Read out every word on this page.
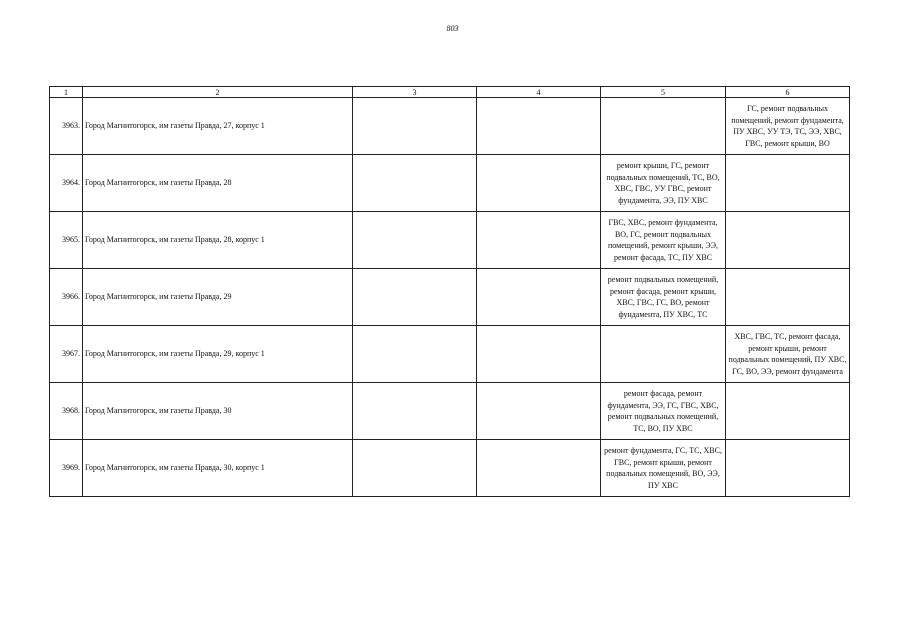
803
1	2	3	4	5	6
3963.	Город Магнитогорск, им газеты Правда, 27, корпус 1				ГС, ремонт подвальных помещений, ремонт фундамента, ПУ ХВС, УУ ТЭ, ТС, ЭЭ, ХВС, ГВС, ремонт крыши, ВО
3964.	Город Магнитогорск, им газеты Правда, 28			ремонт крыши, ГС, ремонт подвальных помещений, ТС, ВО, ХВС, ГВС, УУ ГВС, ремонт фундамента, ЭЭ, ПУ ХВС	
3965.	Город Магнитогорск, им газеты Правда, 28, корпус 1			ГВС, ХВС, ремонт фундамента, ВО, ГС, ремонт подвальных помещений, ремонт крыши, ЭЭ, ремонт фасада, ТС, ПУ ХВС	
3966.	Город Магнитогорск, им газеты Правда, 29			ремонт подвальных помещений, ремонт фасада, ремонт крыши, ХВС, ГВС, ГС, ВО, ремонт фундамента, ПУ ХВС, ТС	
3967.	Город Магнитогорск, им газеты Правда, 29, корпус 1				ХВС, ГВС, ТС, ремонт фасада, ремонт крыши, ремонт подвальных помещений, ПУ ХВС, ГС, ВО, ЭЭ, ремонт фундамента
3968.	Город Магнитогорск, им газеты Правда, 30			ремонт фасада, ремонт фундамента, ЭЭ, ГС, ГВС, ХВС, ремонт подвальных помещений, ТС, ВО, ПУ ХВС	
3969.	Город Магнитогорск, им газеты Правда, 30, корпус 1			ремонт фундамента, ГС, ТС, ХВС, ГВС, ремонт крыши, ремонт подвальных помещений, ВО, ЭЭ, ПУ ХВС	
